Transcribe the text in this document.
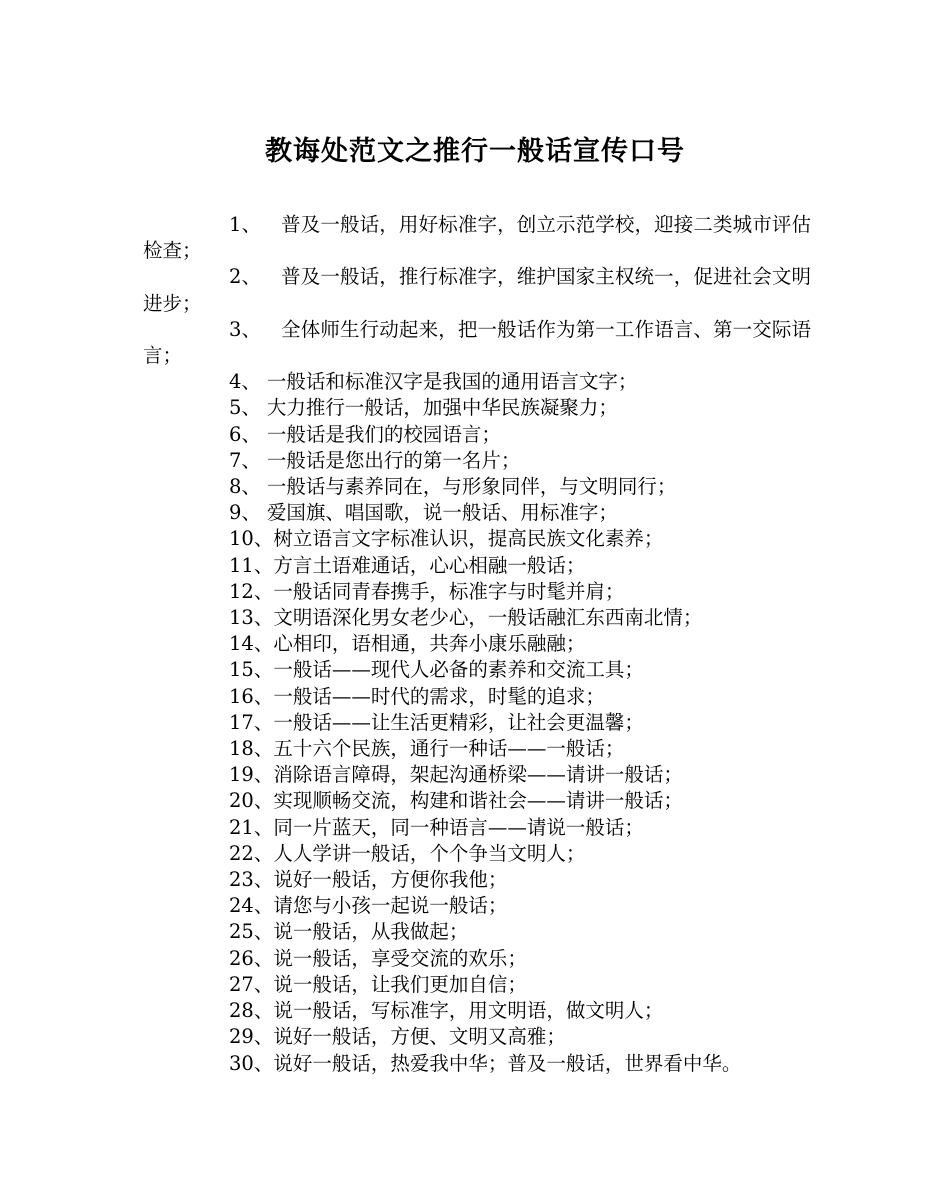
教诲处范文之推行一般话宣传口号

1、 普及一般话，用好标准字，创立示范学校，迎接二类城市评估检查；

2、 普及一般话，推行标准字，维护国家主权统一，促进社会文明进步；

3、 全体师生行动起来，把一般话作为第一工作语言、第一交际语言；

4、 一般话和标准汉字是我国的通用语言文字；

5、 大力推行一般话，加强中华民族凝聚力；

6、 一般话是我们的校园语言；

7、 一般话是您出行的第一名片；

8、 一般话与素养同在，与形象同伴，与文明同行；

9、 爱国旗、唱国歌，说一般话、用标准字；

10、树立语言文字标准认识，提高民族文化素养；

11、方言土语难通话，心心相融一般话；

12、一般话同青春携手，标准字与时髦并肩；

13、文明语深化男女老少心，一般话融汇东西南北情；

14、心相印，语相通，共奔小康乐融融；

15、一般话——现代人必备的素养和交流工具；

16、一般话——时代的需求，时髦的追求；

17、一般话——让生活更精彩，让社会更温馨；

18、五十六个民族，通行一种话——一般话；

19、消除语言障碍，架起沟通桥梁——请讲一般话；

20、实现顺畅交流，构建和谐社会——请讲一般话；

21、同一片蓝天，同一种语言——请说一般话；

22、人人学讲一般话，个个争当文明人；

23、说好一般话，方便你我他；

24、请您与小孩一起说一般话；

25、说一般话，从我做起；

26、说一般话，享受交流的欢乐；

27、说一般话，让我们更加自信；

28、说一般话，写标准字，用文明语，做文明人；

29、说好一般话，方便、文明又高雅；

30、说好一般话，热爱我中华；普及一般话，世界看中华。
